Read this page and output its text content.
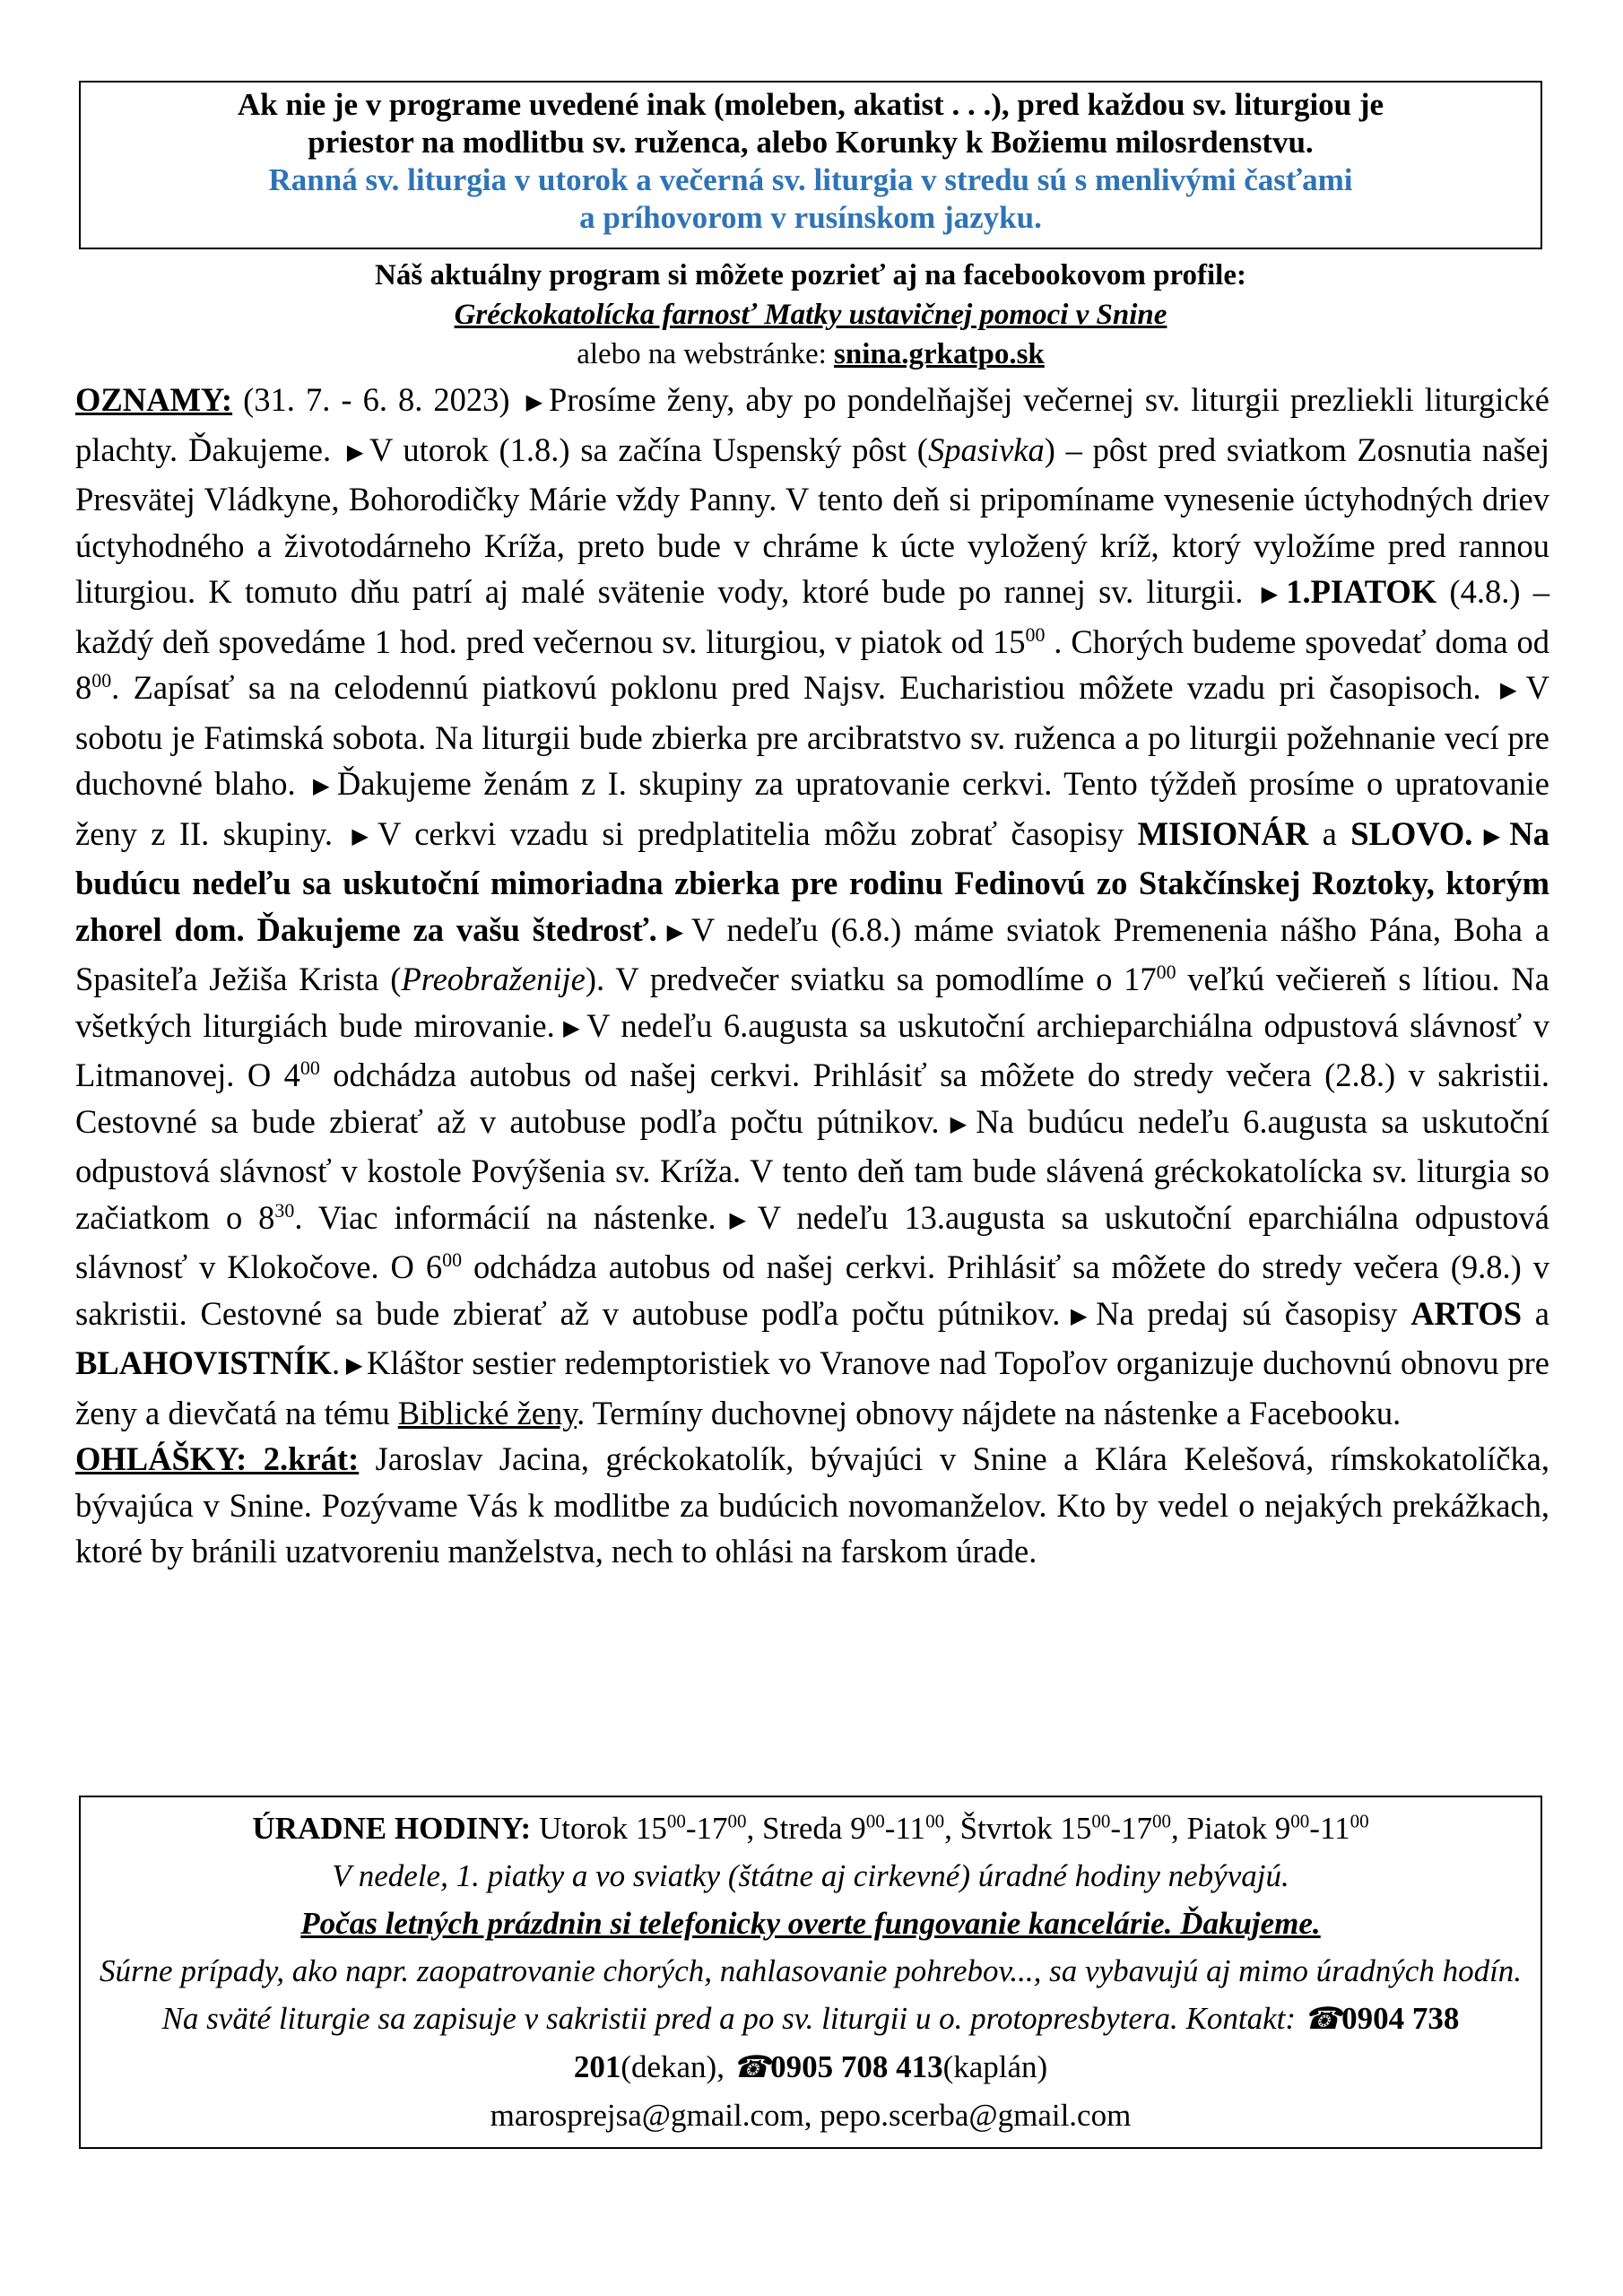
Ak nie je v programe uvedené inak (moleben, akatist . . .), pred každou sv. liturgiou je
priestor na modlitbu sv. ruženca, alebo Korunky k Božiemu milosrdenstvu.
Ranná sv. liturgia v utorok a večerná sv. liturgia v stredu sú s menlivými časťami
a príhovorom v rusínskom jazyku.
Náš aktuálny program si môžete pozrieť aj na facebookovom profile:
Gréckokatolícka farnosť Matky ustavičnej pomoci v Snine
alebo na webstránke: snina.grkatpo.sk

OZNAMY: (31. 7. - 6. 8. 2023) ▶ Prosíme ženy, aby po pondelňajšej večernej sv. liturgii prezliekli liturgické plachty. Ďakujeme. ▶ V utorok (1.8.) sa začína Uspenský pôst (Spasivka) – pôst pred sviatkom Zosnutia našej Presvätej Vládkyne, Bohorodičky Márie vždy Panny. V tento deň si pripomíname vynesenie úctyhodných driev úctyhodného a životodárneho Kríža, preto bude v chráme k úcte vyložený kríž, ktorý vyložíme pred rannou liturgiou. K tomuto dňu patrí aj malé svätenie vody, ktoré bude po rannej sv. liturgii. ▶ 1.PIATOK (4.8.) – každý deň spovedáme 1 hod. pred večernou sv. liturgiou, v piatok od $15^{00}$ . Chorých budeme spovedať doma od $8^{00}$. Zapísať sa na celodennú piatkovú poklonu pred Najsv. Eucharistiou môžete vzadu pri časopisoch. ▶ V sobotu je Fatimská sobota. Na liturgii bude zbierka pre arcibratstvo sv. ruženca a po liturgii požehnanie vecí pre duchovné blaho. ▶ Ďakujeme ženám z I. skupiny za upratovanie cerkvi. Tento týždeň prosíme o upratovanie ženy z II. skupiny. ▶ V cerkvi vzadu si predplatitelia môžu zobrať časopisy MISIONÁR a SLOVO. ▶ Na budúcu nedeľu sa uskutoční mimoriadna zbierka pre rodinu Fedinovú zo Stakčínskej Roztoky, ktorým zhorel dom. Ďakujeme za vašu štedrosť. ▶ V nedeľu (6.8.) máme sviatok Premenenia nášho Pána, Boha a Spasiteľa Ježiša Krista (Preobraženije). V predvečer sviatku sa pomodlíme o $17^{00}$ veľkú večiereň s lítiou. Na všetkých liturgiách bude mirovanie. ▶ V nedeľu 6.augusta sa uskutoční archieparchiálna odpustová slávnosť v Litmanovej. O $4^{00}$ odchádza autobus od našej cerkvi. Prihlásiť sa môžete do stredy večera (2.8.) v sakristii. Cestovné sa bude zbierať až v autobuse podľa počtu pútnikov. ▶ Na budúcu nedeľu 6.augusta sa uskutoční odpustová slávnosť v kostole Povýšenia sv. Kríža. V tento deň tam bude slávená gréckokatolícka sv. liturgia so začiatkom o $8^{30}$. Viac informácií na nástenke. ▶ V nedeľu 13.augusta sa uskutoční eparchiálna odpustová slávnosť v Klokočove. O $6^{00}$ odchádza autobus od našej cerkvi. Prihlásiť sa môžete do stredy večera (9.8.) v sakristii. Cestovné sa bude zbierať až v autobuse podľa počtu pútnikov. ▶ Na predaj sú časopisy ARTOS a BLAHOVISTNÍK. ▶ Kláštor sestier redemptoristiek vo Vranove nad Topoľov organizuje duchovnú obnovu pre ženy a dievčatá na tému Biblické ženy. Termíny duchovnej obnovy nájdete na nástenke a Facebooku.

OHLÁŠKY: 2.krát: Jaroslav Jacina, gréckokatolík, bývajúci v Snine a Klára Kelešová, rímskokatolíčka, bývajúca v Snine. Pozývame Vás k modlitbe za budúcich novomanželov. Kto by vedel o nejakých prekážkach, ktoré by bránili uzatvoreniu manželstva, nech to ohlási na farskom úrade.

ÚRADNE HODINY: Utorok $15^{00}-17^{00}$, Streda $9^{00}-11^{00}$, Štvrtok $15^{00}-17^{00}$, Piatok $9^{00}-11^{00}$
V nedele, 1. piatky a vo sviatky (štátne aj cirkevné) úradné hodiny nebývajú.
Počas letných prázdnin si telefonicky overte fungovanie kancelárie. Ďakujeme.
Súrne prípady, ako napr. zaopatrovanie chorých, nahlasovanie pohrebov..., sa vybavujú aj mimo úradných hodín. Na sväté liturgie sa zapisuje v sakristii pred a po sv. liturgii u o. protopresbytera. Kontakt: ☎0904 738 201(dekan), ☎0905 708 413(kaplán)
marosprejsa@gmail.com, pepo.scerba@gmail.com
